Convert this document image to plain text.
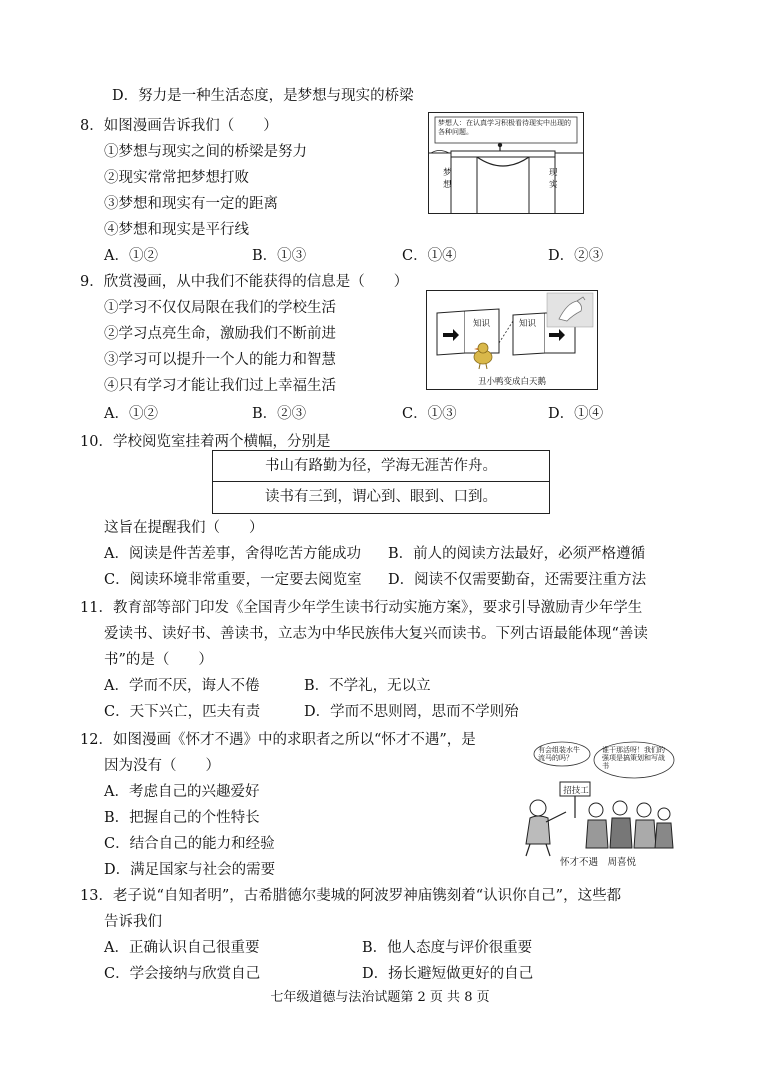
D．努力是一种生活态度，是梦想与现实的桥梁
8．如图漫画告诉我们（　　）
①梦想与现实之间的桥梁是努力
②现实常常把梦想打败
③梦想和现实有一定的距离
④梦想和现实是平行线
A．①②	B．①③	C．①④	D．②③
梦想人：在认真学习积极看待现实中出现的各种问题。
梦想
现实
9．欣赏漫画，从中我们不能获得的信息是（　　）
①学习不仅仅局限在我们的学校生活
②学习点亮生命，激励我们不断前进
③学习可以提升一个人的能力和智慧
④只有学习才能让我们过上幸福生活
A．①②	B．②③	C．①③	D．①④
知识	知识
丑小鸭变成白天鹅
10．学校阅览室挂着两个横幅，分别是
书山有路勤为径，学海无涯苦作舟。
读书有三到，谓心到、眼到、口到。
这旨在提醒我们（　　）
A．阅读是件苦差事，舍得吃苦方能成功 B．前人的阅读方法最好，必须严格遵循
C．阅读环境非常重要，一定要去阅览室 D．阅读不仅需要勤奋，还需要注重方法
11．教育部等部门印发《全国青少年学生读书行动实施方案》，要求引导激励青少年学生
爱读书、读好书、善读书，立志为中华民族伟大复兴而读书。下列古语最能体现“善读
书”的是（　　）
A．学而不厌，诲人不倦	B．不学礼，无以立
C．天下兴亡，匹夫有责	D．学而不思则罔，思而不学则殆
12．如图漫画《怀才不遇》中的求职者之所以“怀才不遇”，是
因为没有（　　）
A．考虑自己的兴趣爱好
B．把握自己的个性特长
C．结合自己的能力和经验
D．满足国家与社会的需要
有会组装水牛流马的吗？
谁干那活呀！我们的强项是搞策划和写战书
招技工
怀才不遇　周喜悦
13．老子说“自知者明”，古希腊德尔斐城的阿波罗神庙镌刻着“认识你自己”，这些都
告诉我们
A．正确认识自己很重要	B．他人态度与评价很重要
C．学会接纳与欣赏自己	D．扬长避短做更好的自己
七年级道德与法治试题第 2 页 共 8 页
